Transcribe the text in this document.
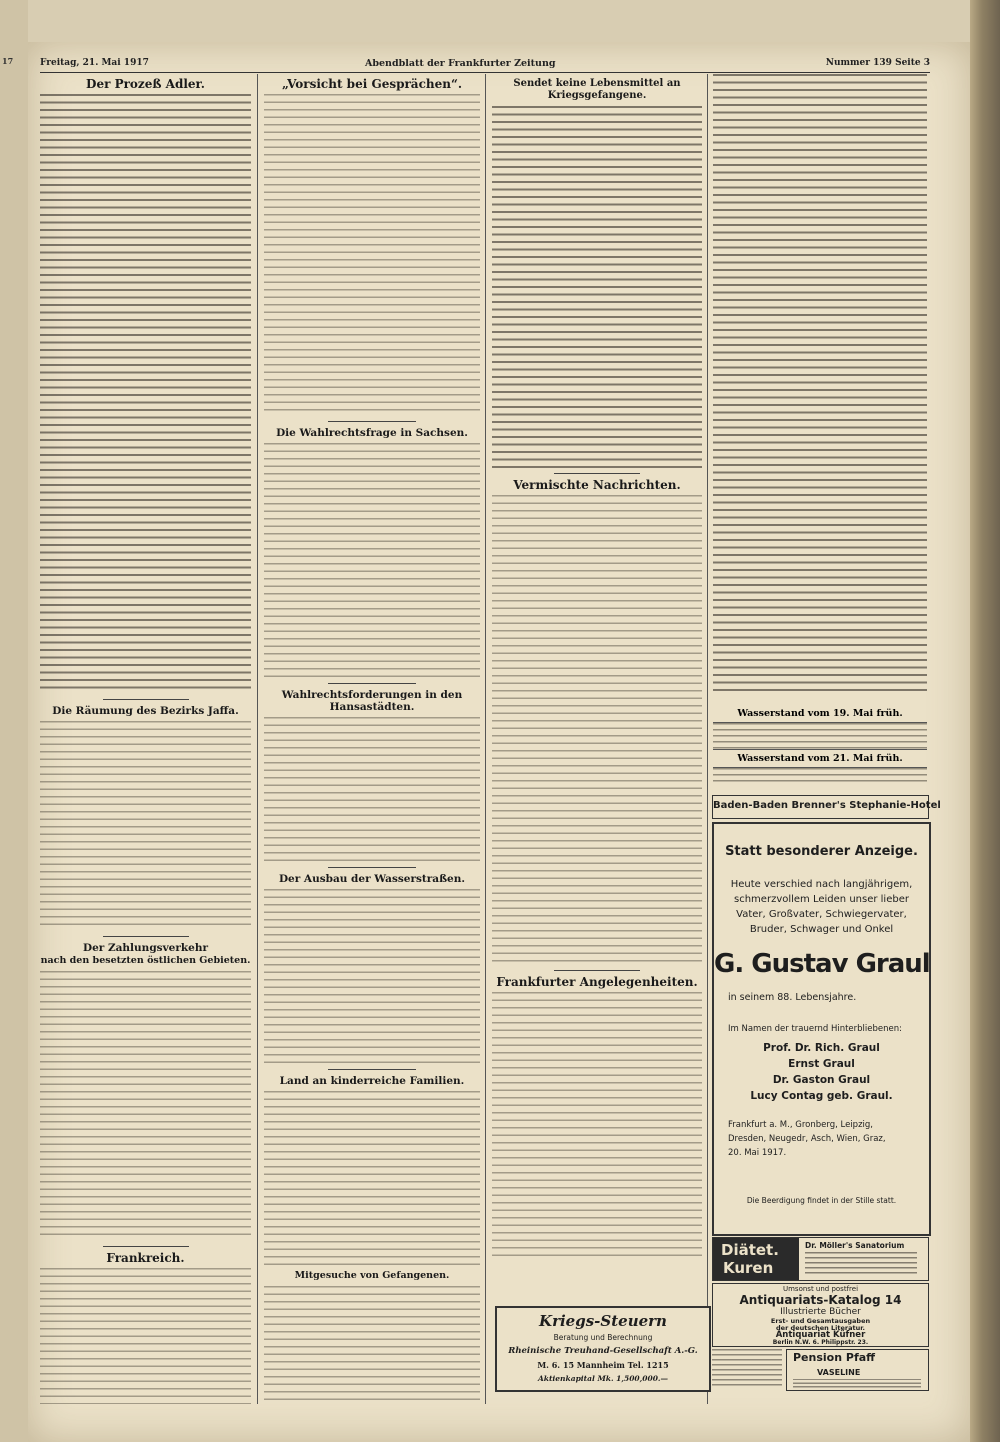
17	Freitag, 21. Mai 1917	Abendblatt der Frankfurter Zeitung	Nummer 139 Seite 3
Der Prozeß Adler.
Die Räumung des Bezirks Jaffa.
Der Zahlungsverkehr
nach den besetzten östlichen Gebieten.
Frankreich.
„Vorsicht bei Gesprächen“.
Die Wahlrechtsfrage in Sachsen.
Wahlrechtsforderungen in den Hansastädten.
Der Ausbau der Wasserstraßen.
Land an kinderreiche Familien.
Mitgesuche von Gefangenen.
Sendet keine Lebensmittel an Kriegsgefangene.
Vermischte Nachrichten.
Frankfurter Angelegenheiten.
Wasserstand vom 19. Mai früh.
Wasserstand vom 21. Mai früh.
Baden-Baden Brenner's Stephanie-Hotel
Statt besonderer Anzeige.
Heute verschied nach langjährigem,
schmerzvollem Leiden unser lieber
Vater, Großvater, Schwiegervater,
Bruder, Schwager und Onkel
G. Gustav Graul
in seinem 88. Lebensjahre.
Im Namen der trauernd Hinterbliebenen:
Prof. Dr. Rich. Graul
Ernst Graul
Dr. Gaston Graul
Lucy Contag geb. Graul.
Frankfurt a. M., Gronberg, Leipzig,
Dresden, Neugedr, Asch, Wien, Graz,
20. Mai 1917.
Die Beerdigung findet in der Stille statt.
Diätet.
Kuren
Dr. Möller's Sanatorium
Umsonst und postfrei
Antiquariats-Katalog 14
Illustrierte Bücher
Erst- und Gesamtausgaben
der deutschen Literatur.
Antiquariat Küfner
Berlin N.W. 6. Philippstr. 23.
Pension Pfaff
VASELINE
Kriegs-Steuern
Beratung und Berechnung
Rheinische Treuhand-Gesellschaft A.-G.
M. 6. 15 Mannheim Tel. 1215
Aktienkapital Mk. 1,500,000.—
